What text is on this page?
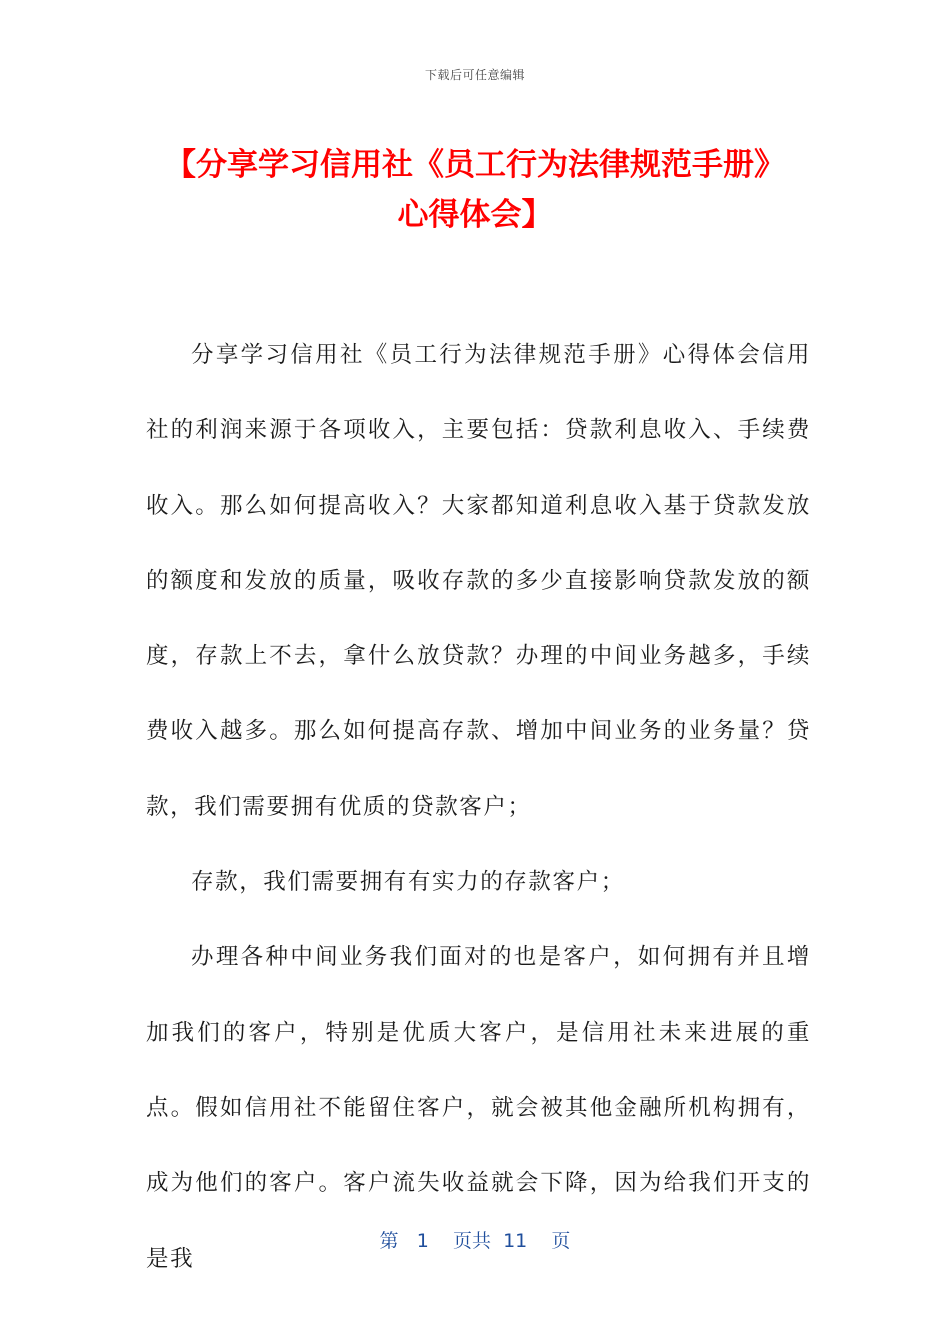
下载后可任意编辑
【分享学习信用社《员工行为法律规范手册》心得体会】

分享学习信用社《员工行为法律规范手册》心得体会信用社的利润来源于各项收入，主要包括：贷款利息收入、手续费收入。那么如何提高收入？大家都知道利息收入基于贷款发放的额度和发放的质量，吸收存款的多少直接影响贷款发放的额度，存款上不去，拿什么放贷款？办理的中间业务越多，手续费收入越多。那么如何提高存款、增加中间业务的业务量？贷款，我们需要拥有优质的贷款客户；

存款，我们需要拥有有实力的存款客户；

办理各种中间业务我们面对的也是客户，如何拥有并且增加我们的客户，特别是优质大客户，是信用社未来进展的重点。假如信用社不能留住客户，就会被其他金融所机构拥有，成为他们的客户。客户流失收益就会下降，因为给我们开支的是我

第 1 页共 11 页
